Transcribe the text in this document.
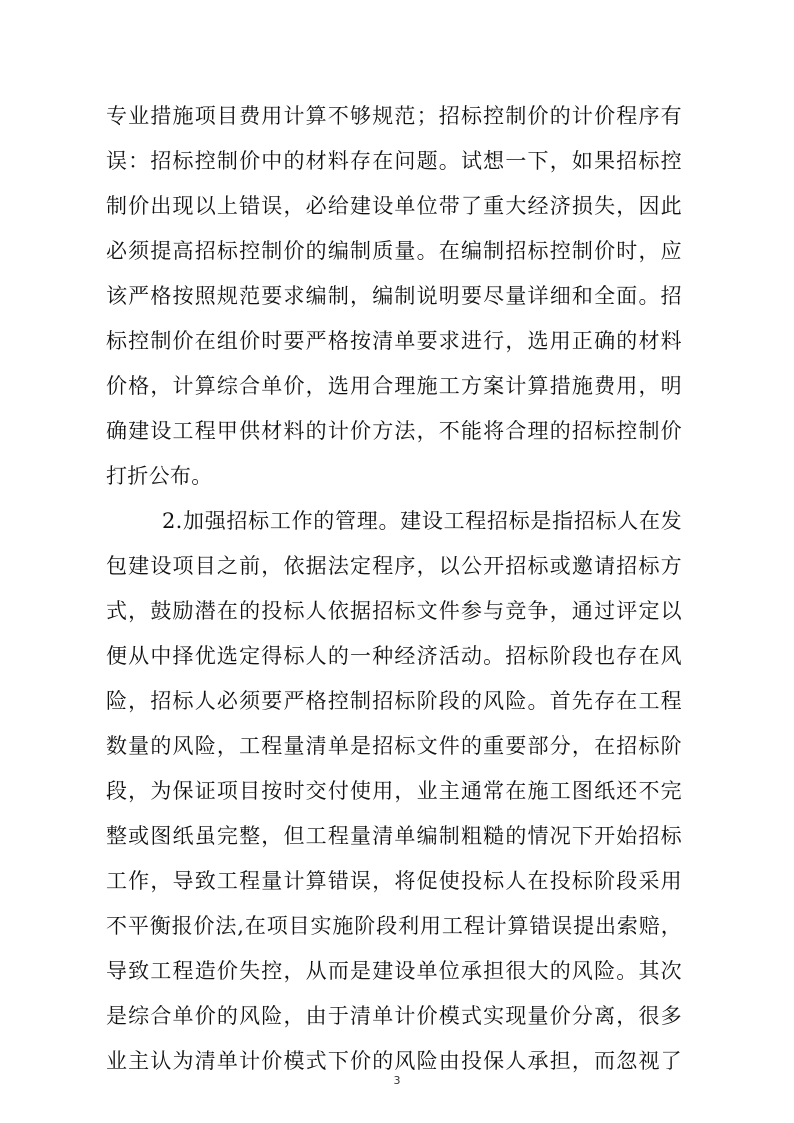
专业措施项目费用计算不够规范；招标控制价的计价程序有
误：招标控制价中的材料存在问题。试想一下，如果招标控
制价出现以上错误，必给建设单位带了重大经济损失，因此
必须提高招标控制价的编制质量。在编制招标控制价时，应
该严格按照规范要求编制，编制说明要尽量详细和全面。招
标控制价在组价时要严格按清单要求进行，选用正确的材料
价格，计算综合单价，选用合理施工方案计算措施费用，明
确建设工程甲供材料的计价方法，不能将合理的招标控制价
打折公布。
2.加强招标工作的管理。建设工程招标是指招标人在发
包建设项目之前，依据法定程序，以公开招标或邀请招标方
式，鼓励潜在的投标人依据招标文件参与竞争，通过评定以
便从中择优选定得标人的一种经济活动。招标阶段也存在风
险，招标人必须要严格控制招标阶段的风险。首先存在工程
数量的风险，工程量清单是招标文件的重要部分，在招标阶
段，为保证项目按时交付使用，业主通常在施工图纸还不完
整或图纸虽完整，但工程量清单编制粗糙的情况下开始招标
工作，导致工程量计算错误，将促使投标人在投标阶段采用
不平衡报价法,在项目实施阶段利用工程计算错误提出索赔，
导致工程造价失控，从而是建设单位承担很大的风险。其次
是综合单价的风险，由于清单计价模式实现量价分离，很多
业主认为清单计价模式下价的风险由投保人承担，而忽视了
3
